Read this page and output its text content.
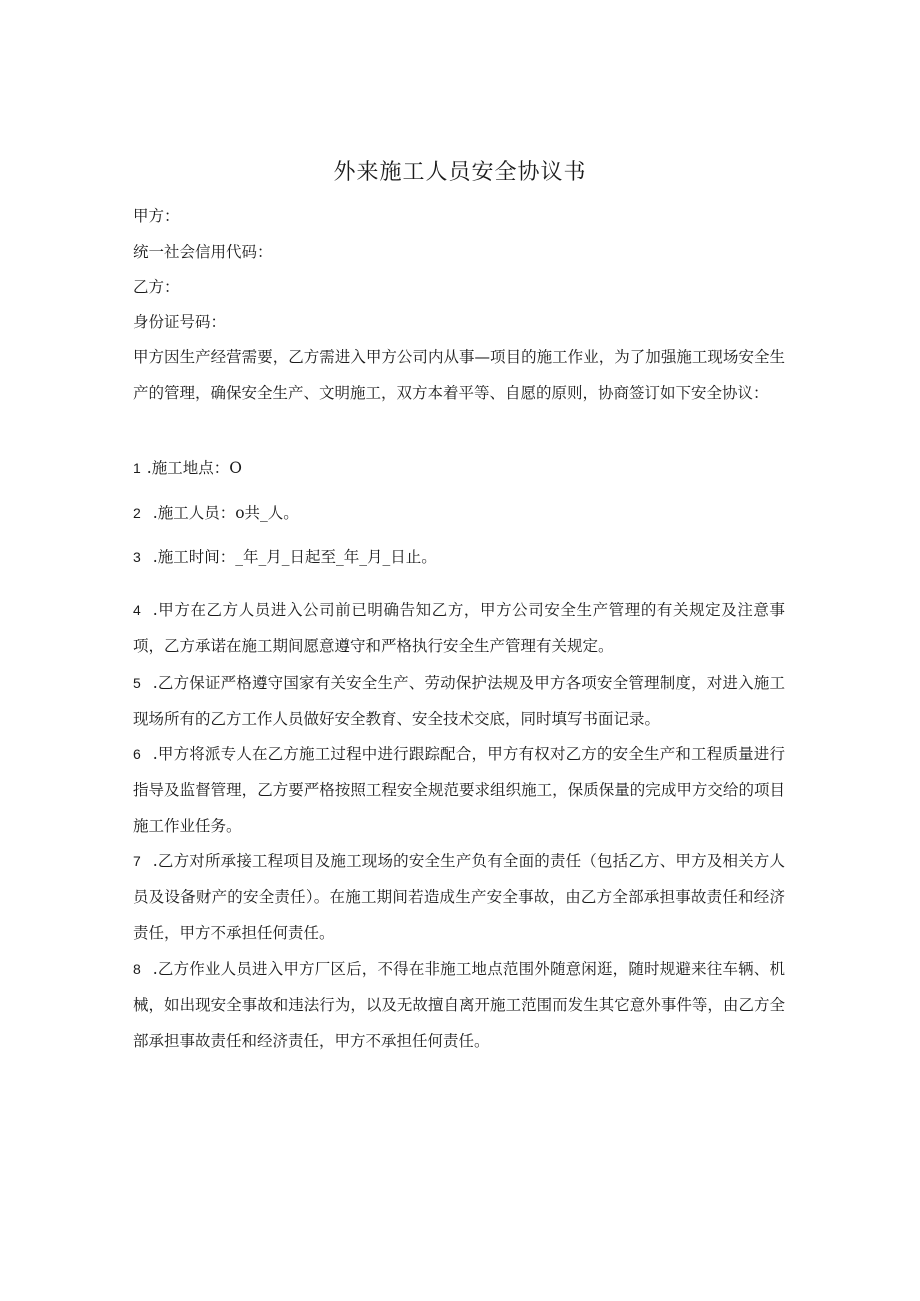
外来施工人员安全协议书
甲方：
统一社会信用代码：
乙方：
身份证号码：
甲方因生产经营需要，乙方需进入甲方公司内从事—项目的施工作业，为了加强施工现场安全生产的管理，确保安全生产、文明施工，双方本着平等、自愿的原则，协商签订如下安全协议：
1 .施工地点：O
2 .施工人员：o共_人。
3 .施工时间：_年_月_日起至_年_月_日止。
4 .甲方在乙方人员进入公司前已明确告知乙方，甲方公司安全生产管理的有关规定及注意事项，乙方承诺在施工期间愿意遵守和严格执行安全生产管理有关规定。
5 .乙方保证严格遵守国家有关安全生产、劳动保护法规及甲方各项安全管理制度，对进入施工现场所有的乙方工作人员做好安全教育、安全技术交底，同时填写书面记录。
6 .甲方将派专人在乙方施工过程中进行跟踪配合，甲方有权对乙方的安全生产和工程质量进行指导及监督管理，乙方要严格按照工程安全规范要求组织施工，保质保量的完成甲方交给的项目施工作业任务。
7 .乙方对所承接工程项目及施工现场的安全生产负有全面的责任（包括乙方、甲方及相关方人员及设备财产的安全责任）。在施工期间若造成生产安全事故，由乙方全部承担事故责任和经济责任，甲方不承担任何责任。
8 .乙方作业人员进入甲方厂区后，不得在非施工地点范围外随意闲逛，随时规避来往车辆、机械，如出现安全事故和违法行为，以及无故擅自离开施工范围而发生其它意外事件等，由乙方全部承担事故责任和经济责任，甲方不承担任何责任。
